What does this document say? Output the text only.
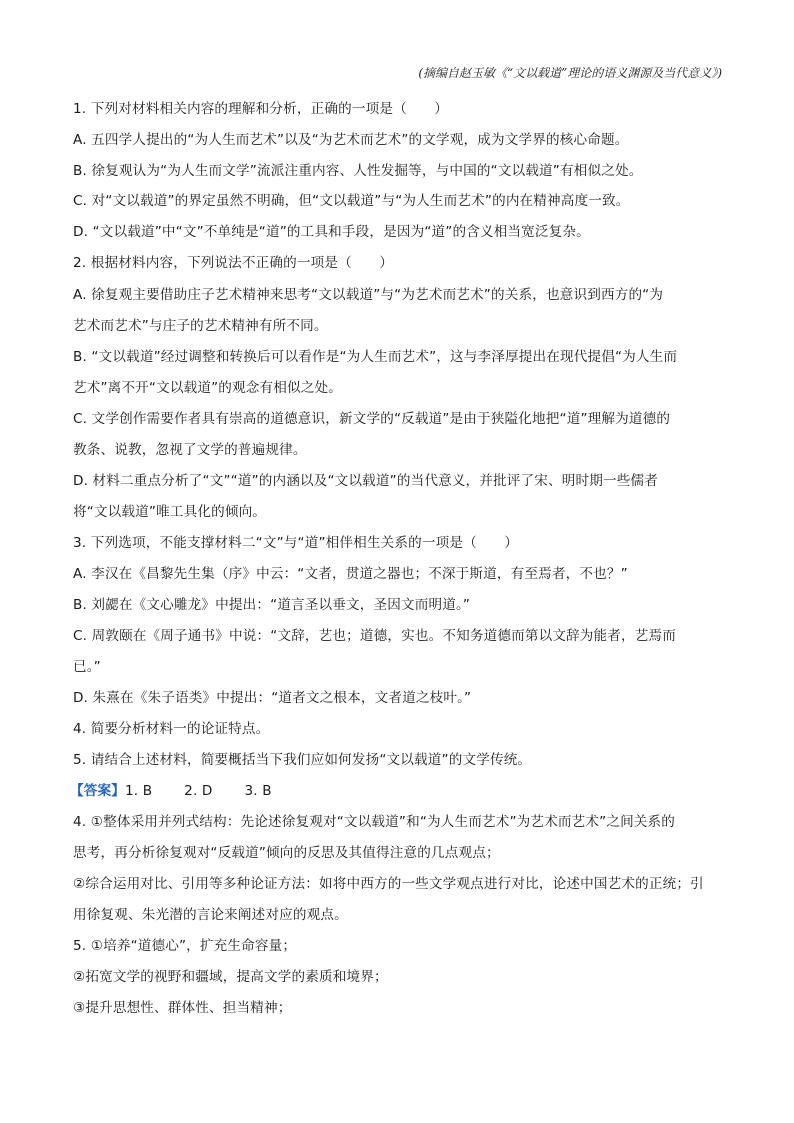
(摘编自赵玉敏《“文以载道”理论的语义渊源及当代意义》)
1. 下列对材料相关内容的理解和分析，正确的一项是（　　）
A. 五四学人提出的“为人生而艺术”以及“为艺术而艺术”的文学观，成为文学界的核心命题。
B. 徐复观认为“为人生而文学”流派注重内容、人性发掘等，与中国的“文以载道”有相似之处。
C. 对“文以载道”的界定虽然不明确，但“文以载道”与“为人生而艺术”的内在精神高度一致。
D. “文以载道”中“文”不单纯是“道”的工具和手段，是因为“道”的含义相当宽泛复杂。
2. 根据材料内容，下列说法不正确的一项是（　　）
A. 徐复观主要借助庄子艺术精神来思考“文以载道”与“为艺术而艺术”的关系，也意识到西方的“为
艺术而艺术”与庄子的艺术精神有所不同。
B. “文以载道”经过调整和转换后可以看作是“为人生而艺术”，这与李泽厚提出在现代提倡“为人生而
艺术”离不开“文以载道”的观念有相似之处。
C. 文学创作需要作者具有崇高的道德意识，新文学的“反载道”是由于狭隘化地把“道”理解为道德的
教条、说教，忽视了文学的普遍规律。
D. 材料二重点分析了“文”“道”的内涵以及“文以载道”的当代意义，并批评了宋、明时期一些儒者
将“文以载道”唯工具化的倾向。
3. 下列选项，不能支撑材料二“文”与“道”相伴相生关系的一项是（　　）
A. 李汉在《昌黎先生集（序》中云：“文者，贯道之器也；不深于斯道，有至焉者，不也？”
B. 刘勰在《文心雕龙》中提出：“道言圣以垂文，圣因文而明道。”
C. 周敦颐在《周子通书》中说：“文辞，艺也；道德，实也。不知务道德而第以文辞为能者，艺焉而
已。”
D. 朱熹在《朱子语类》中提出：“道者文之根本，文者道之枝叶。”
4. 简要分析材料一的论证特点。
5. 请结合上述材料，简要概括当下我们应如何发扬“文以载道”的文学传统。
【答案】1. B　　 2. D　　 3. B
4. ①整体采用并列式结构：先论述徐复观对“文以载道”和“为人生而艺术”为艺术而艺术”之间关系的
思考，再分析徐复观对“反载道”倾向的反思及其值得注意的几点观点；
②综合运用对比、引用等多种论证方法：如将中西方的一些文学观点进行对比，论述中国艺术的正统；引
用徐复观、朱光潜的言论来阐述对应的观点。
5. ①培养“道德心”，扩充生命容量；
②拓宽文学的视野和疆域，提高文学的素质和境界；
③提升思想性、群体性、担当精神；
